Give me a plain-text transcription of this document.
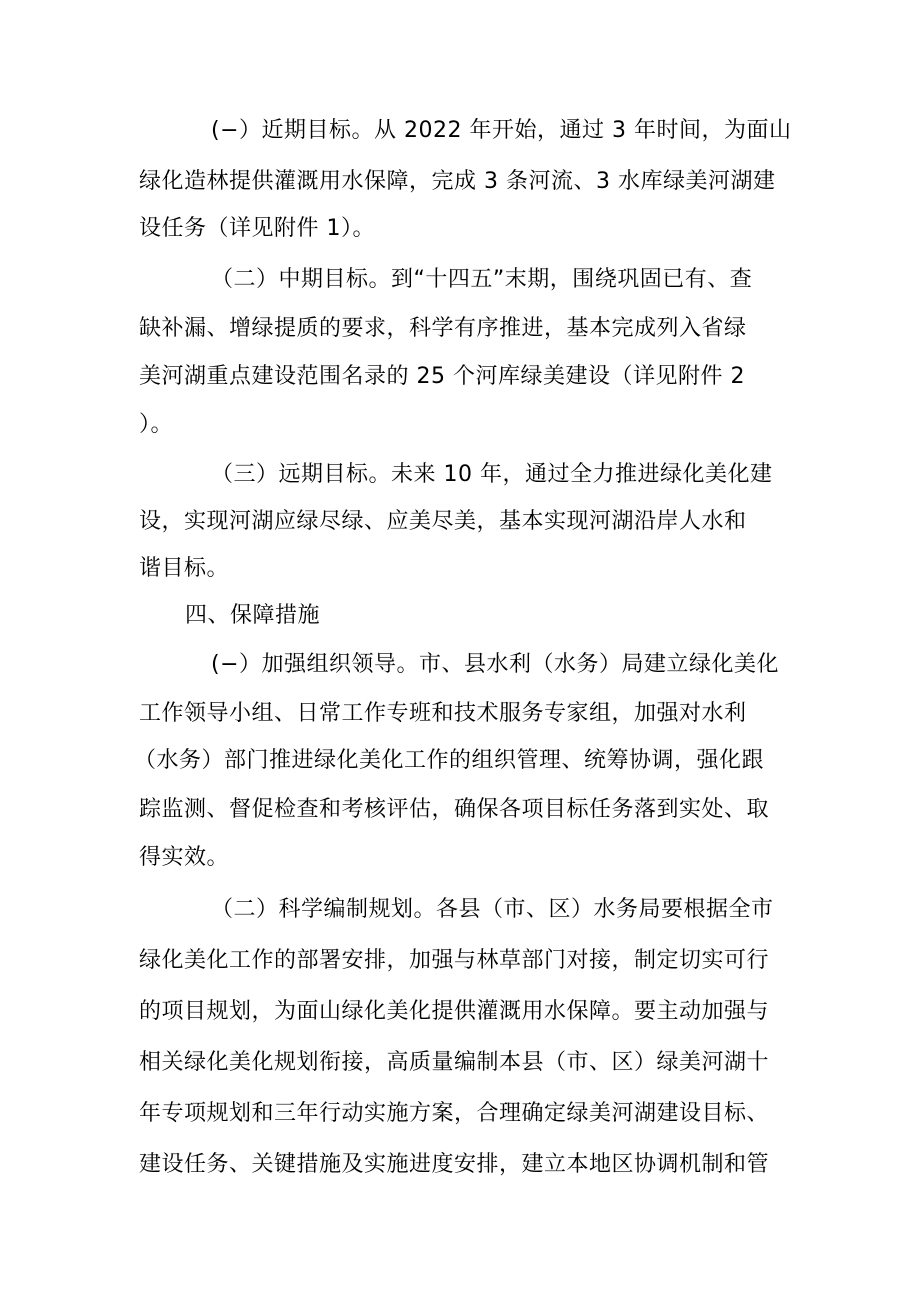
(−）近期目标。从 2022 年开始，通过 3 年时间，为面山
绿化造林提供灌溉用水保障，完成 3 条河流、3 水库绿美河湖建
设任务（详见附件 1）。
（二）中期目标。到“十四五”末期，围绕巩固已有、查
缺补漏、增绿提质的要求，科学有序推进，基本完成列入省绿
美河湖重点建设范围名录的 25 个河库绿美建设（详见附件 2
）。
（三）远期目标。未来 10 年，通过全力推进绿化美化建
设，实现河湖应绿尽绿、应美尽美，基本实现河湖沿岸人水和
谐目标。
四、保障措施
(−）加强组织领导。市、县水利（水务）局建立绿化美化
工作领导小组、日常工作专班和技术服务专家组，加强对水利
（水务）部门推进绿化美化工作的组织管理、统筹协调，强化跟
踪监测、督促检查和考核评估，确保各项目标任务落到实处、取
得实效。
（二）科学编制规划。各县（市、区）水务局要根据全市
绿化美化工作的部署安排，加强与林草部门对接，制定切实可行
的项目规划，为面山绿化美化提供灌溉用水保障。要主动加强与
相关绿化美化规划衔接，高质量编制本县（市、区）绿美河湖十
年专项规划和三年行动实施方案，合理确定绿美河湖建设目标、
建设任务、关键措施及实施进度安排，建立本地区协调机制和管
